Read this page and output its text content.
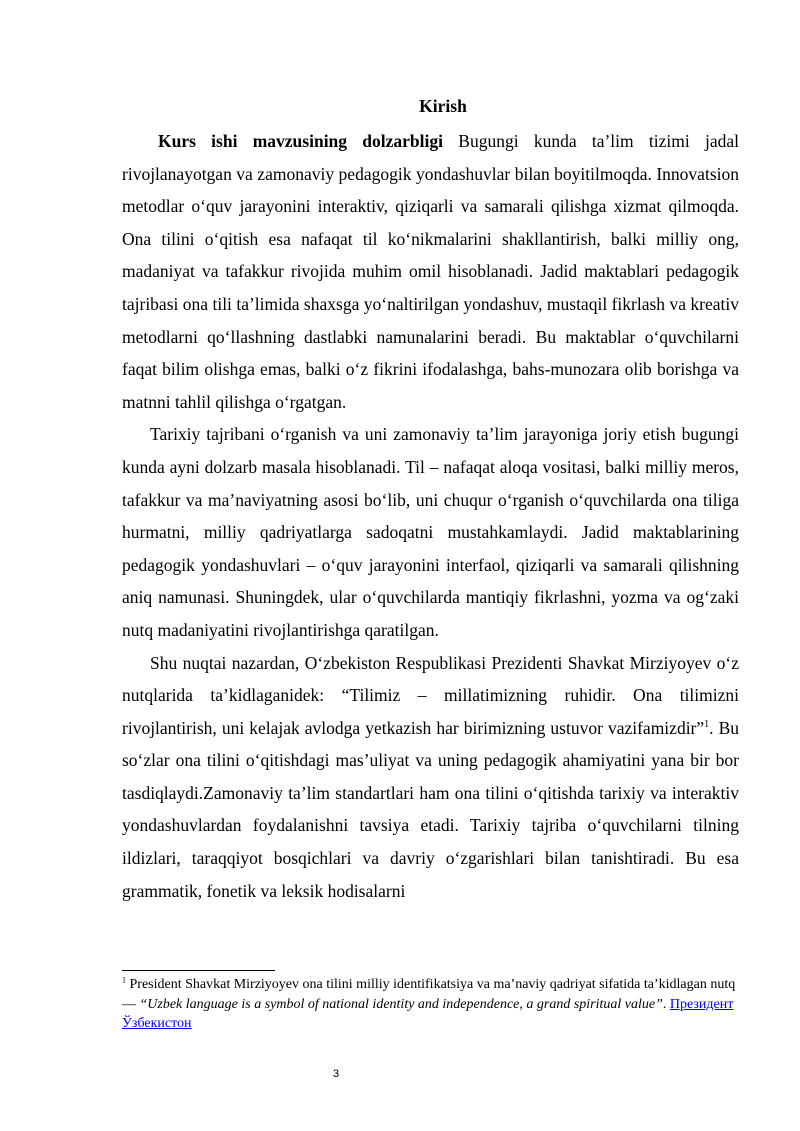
Kirish

Kurs ishi mavzusining dolzarbligi Bugungi kunda ta’lim tizimi jadal rivojlanayotgan va zamonaviy pedagogik yondashuvlar bilan boyitilmoqda. Innovatsion metodlar o‘quv jarayonini interaktiv, qiziqarli va samarali qilishga xizmat qilmoqda. Ona tilini o‘qitish esa nafaqat til ko‘nikmalarini shakllantirish, balki milliy ong, madaniyat va tafakkur rivojida muhim omil hisoblanadi. Jadid maktablari pedagogik tajribasi ona tili ta’limida shaxsga yo‘naltirilgan yondashuv, mustaqil fikrlash va kreativ metodlarni qo‘llashning dastlabki namunalarini beradi. Bu maktablar o‘quvchilarni faqat bilim olishga emas, balki o‘z fikrini ifodalashga, bahs-munozara olib borishga va matnni tahlil qilishga o‘rgatgan.

Tarixiy tajribani o‘rganish va uni zamonaviy ta’lim jarayoniga joriy etish bugungi kunda ayni dolzarb masala hisoblanadi. Til – nafaqat aloqa vositasi, balki milliy meros, tafakkur va ma’naviyatning asosi bo‘lib, uni chuqur o‘rganish o‘quvchilarda ona tiliga hurmatni, milliy qadriyatlarga sadoqatni mustahkamlaydi. Jadid maktablarining pedagogik yondashuvlari – o‘quv jarayonini interfaol, qiziqarli va samarali qilishning aniq namunasi. Shuningdek, ular o‘quvchilarda mantiqiy fikrlashni, yozma va og‘zaki nutq madaniyatini rivojlantirishga qaratilgan.

Shu nuqtai nazardan, O‘zbekiston Respublikasi Prezidenti Shavkat Mirziyoyev o‘z nutqlarida ta’kidlaganidek: “Tilimiz – millatimizning ruhidir. Ona tilimizni rivojlantirish, uni kelajak avlodga yetkazish har birimizning ustuvor vazifamizdir”$^1$. Bu so‘zlar ona tilini o‘qitishdagi mas’uliyat va uning pedagogik ahamiyatini yana bir bor tasdiqlaydi.Zamonaviy ta’lim standartlari ham ona tilini o‘qitishda tarixiy va interaktiv yondashuvlardan foydalanishni tavsiya etadi. Tarixiy tajriba o‘quvchilarni tilning ildizlari, taraqqiyot bosqichlari va davriy o‘zgarishlari bilan tanishtiradi. Bu esa grammatik, fonetik va leksik hodisalarni

$^1$ President Shavkat Mirziyoyev ona tilini milliy identifikatsiya va ma’naviy qadriyat sifatida ta’kidlagan nutq — “Uzbek language is a symbol of national identity and independence, a grand spiritual value”. Президент Ўзбекистон
3
